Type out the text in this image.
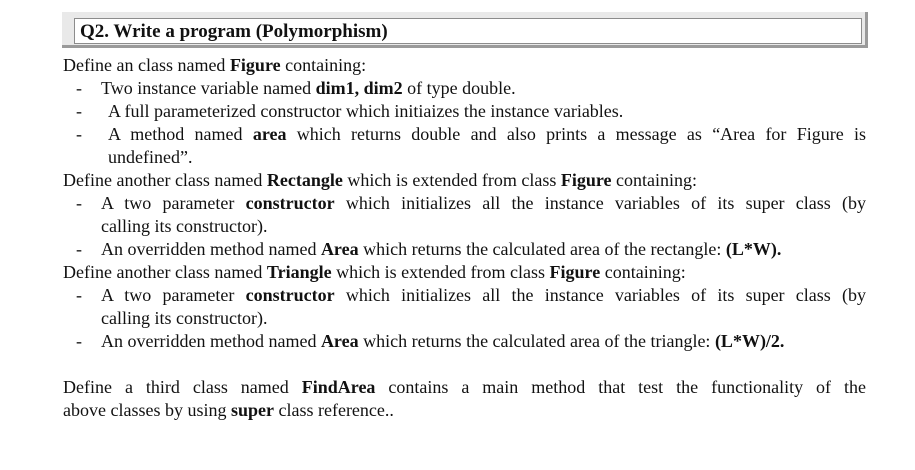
Q2. Write a program (Polymorphism)

Define an class named Figure containing:

- Two instance variable named dim1, dim2 of type double.

- A full parameterized constructor which initiaizes the instance variables.

- A method named area which returns double and also prints a message as “Area for Figure is

undefined”.

Define another class named Rectangle which is extended from class Figure containing:

- A two parameter constructor which initializes all the instance variables of its super class (by

calling its constructor).

- An overridden method named Area which returns the calculated area of the rectangle: (L*W).

Define another class named Triangle which is extended from class Figure containing:

- A two parameter constructor which initializes all the instance variables of its super class (by

calling its constructor).

- An overridden method named Area which returns the calculated area of the triangle: (L*W)/2.

Define a third class named FindArea contains a main method that test the functionality of the

above classes by using super class reference..
